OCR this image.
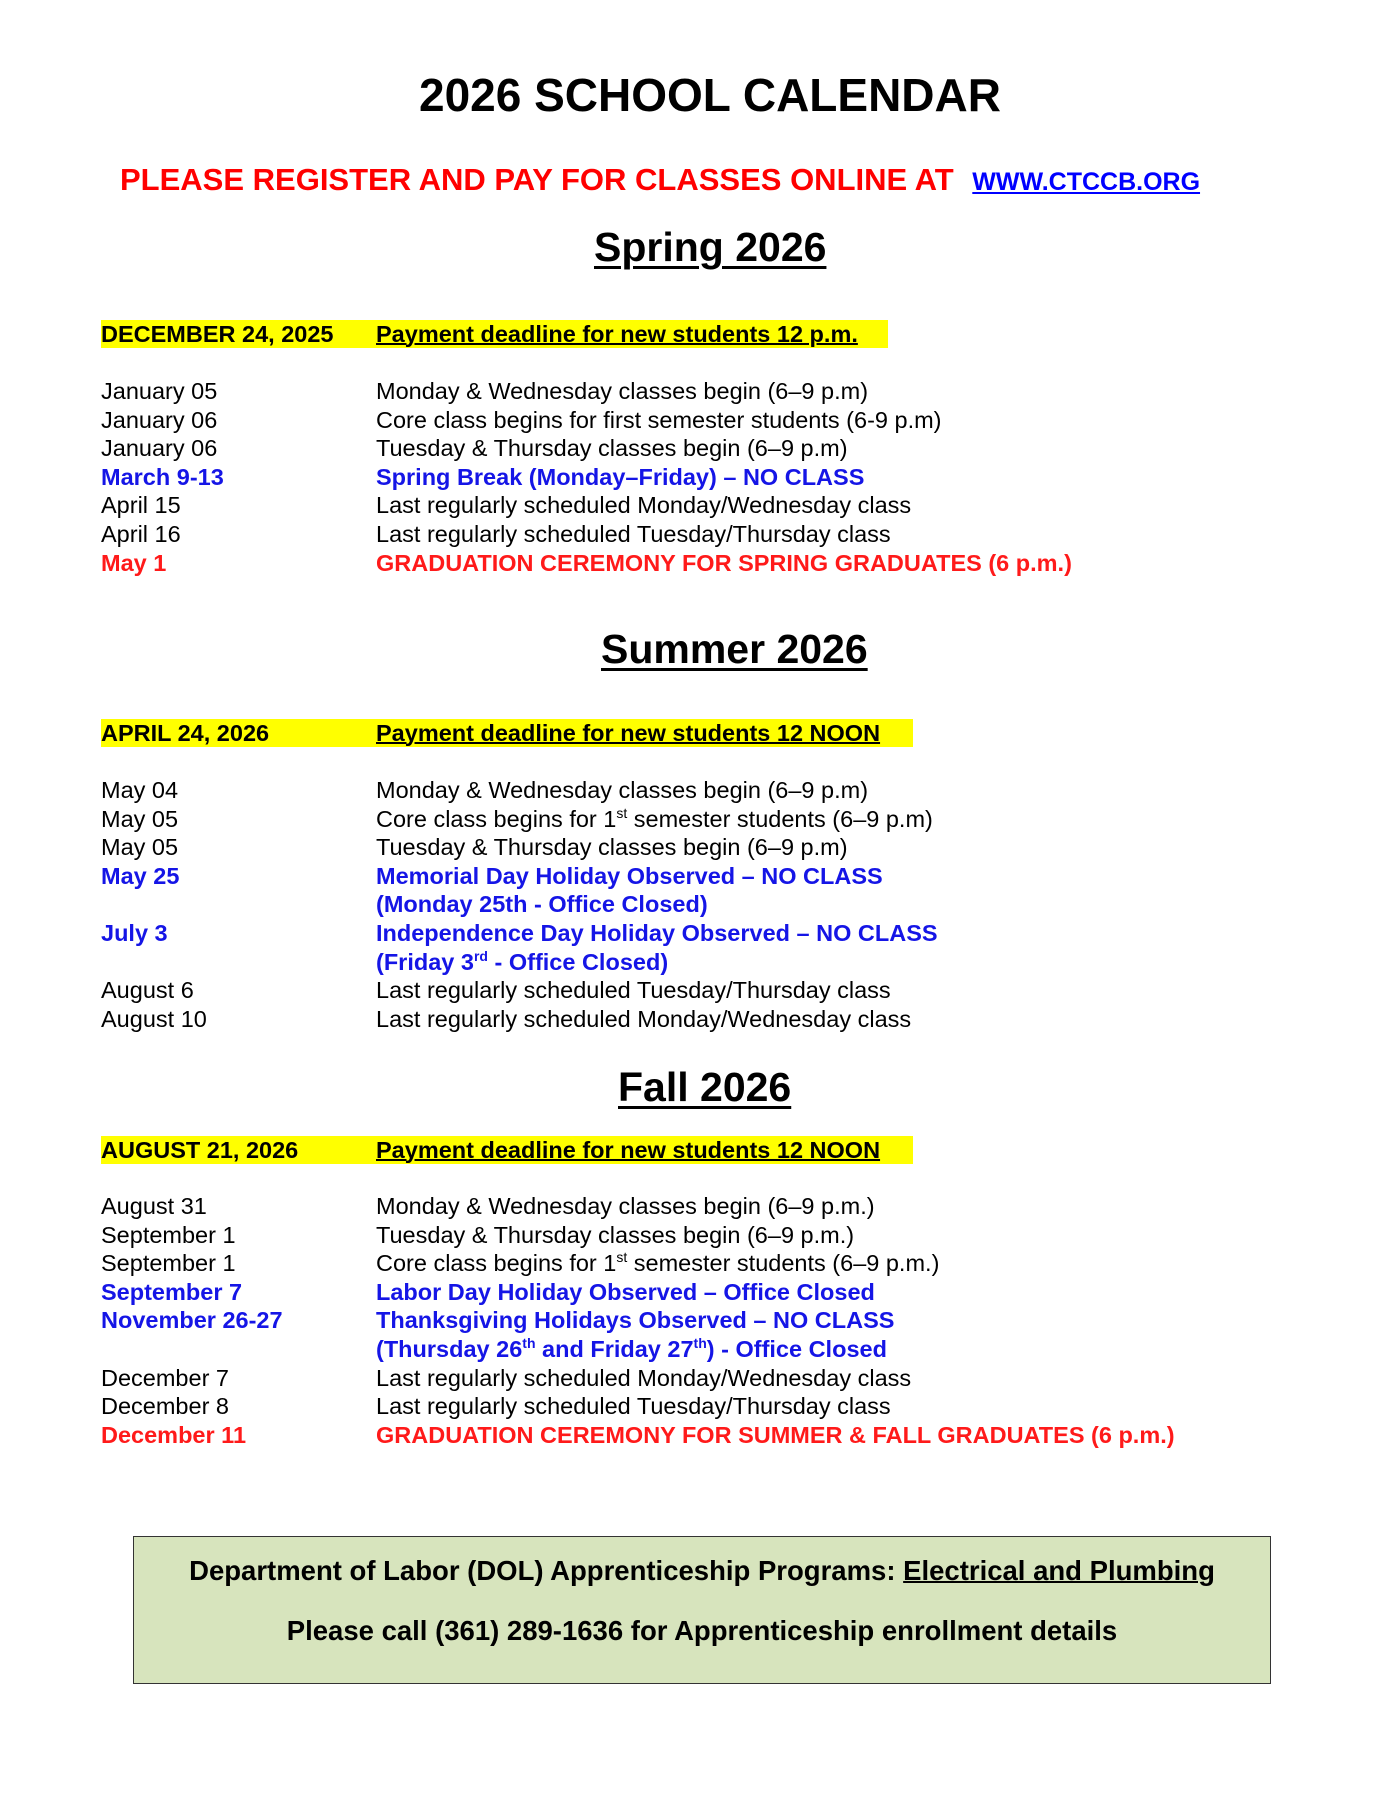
2026 SCHOOL CALENDAR
PLEASE REGISTER AND PAY FOR CLASSES ONLINE AT WWW.CTCCB.ORG
Spring 2026
DECEMBER 24, 2025	Payment deadline for new students 12 p.m.
January 05	Monday & Wednesday classes begin (6–9 p.m)
January 06	Core class begins for first semester students (6-9 p.m)
January 06	Tuesday & Thursday classes begin (6–9 p.m)
March 9-13	Spring Break (Monday–Friday) – NO CLASS
April 15	Last regularly scheduled Monday/Wednesday class
April 16	Last regularly scheduled Tuesday/Thursday class
May 1	GRADUATION CEREMONY FOR SPRING GRADUATES (6 p.m.)
Summer 2026
APRIL 24, 2026	Payment deadline for new students 12 NOON
May 04	Monday & Wednesday classes begin (6–9 p.m)
May 05	Core class begins for 1st semester students (6–9 p.m)
May 05	Tuesday & Thursday classes begin (6–9 p.m)
May 25	Memorial Day Holiday Observed – NO CLASS
(Monday 25th - Office Closed)
July 3	Independence Day Holiday Observed – NO CLASS
(Friday 3rd - Office Closed)
August 6	Last regularly scheduled Tuesday/Thursday class
August 10	Last regularly scheduled Monday/Wednesday class
Fall 2026
AUGUST 21, 2026	Payment deadline for new students 12 NOON
August 31	Monday & Wednesday classes begin (6–9 p.m.)
September 1	Tuesday & Thursday classes begin (6–9 p.m.)
September 1	Core class begins for 1st semester students (6–9 p.m.)
September 7	Labor Day Holiday Observed – Office Closed
November 26-27	Thanksgiving Holidays Observed – NO CLASS
(Thursday 26th and Friday 27th) - Office Closed
December 7	Last regularly scheduled Monday/Wednesday class
December 8	Last regularly scheduled Tuesday/Thursday class
December 11	GRADUATION CEREMONY FOR SUMMER & FALL GRADUATES (6 p.m.)
Department of Labor (DOL) Apprenticeship Programs: Electrical and Plumbing
Please call (361) 289-1636 for Apprenticeship enrollment details
